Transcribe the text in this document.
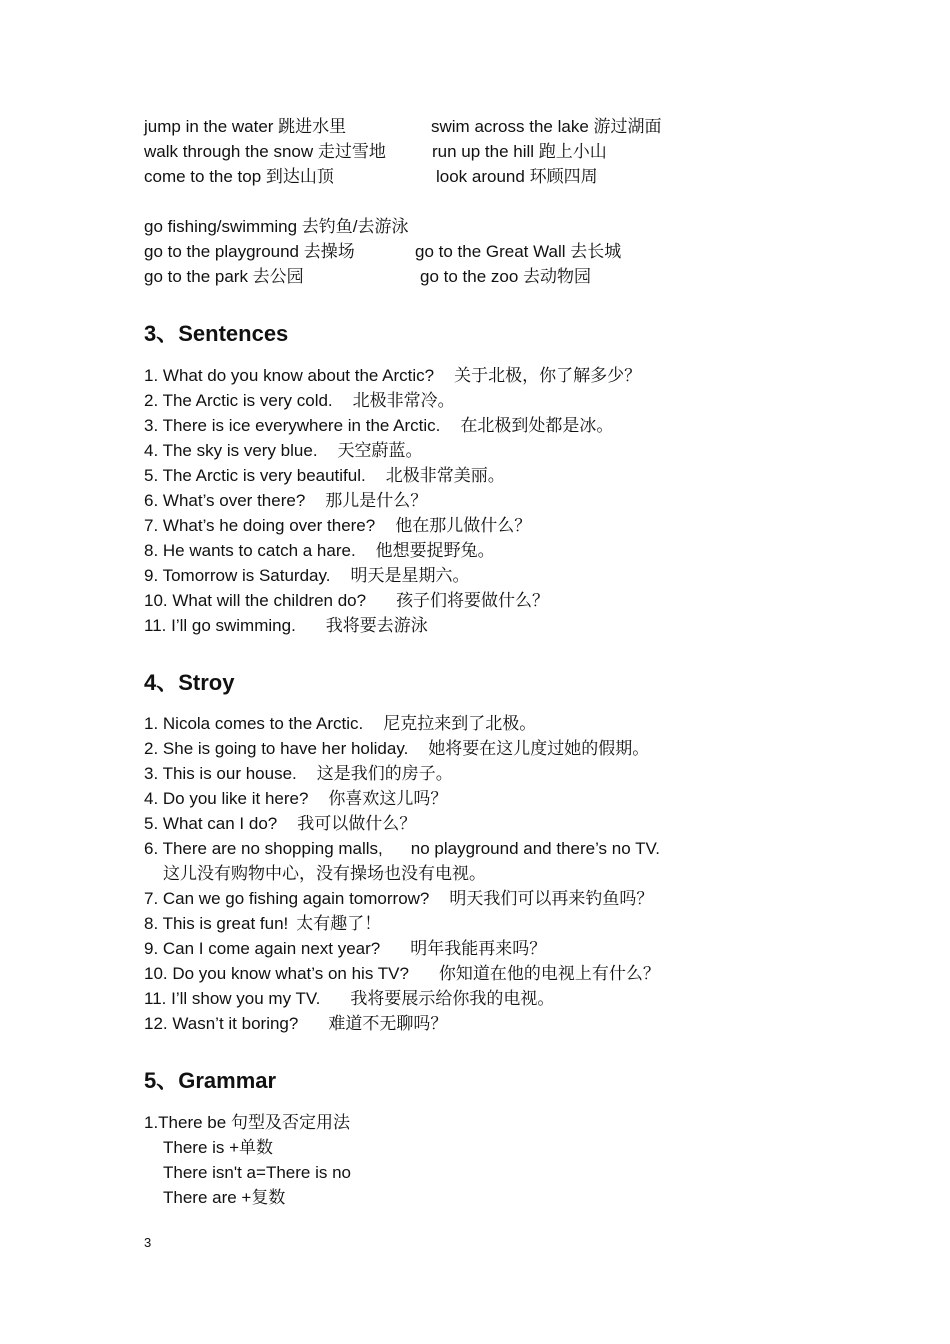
jump in the water 跳进水里	swim across the lake 游过湖面
walk through the snow 走过雪地	run up the hill 跑上小山
come to the top 到达山顶	look around 环顾四周
go fishing/swimming 去钓鱼/去游泳
go to the playground 去操场	go to the Great Wall 去长城
go to the park 去公园	go to the zoo 去动物园
3、Sentences
1. What do you know about the Arctic? 关于北极，你了解多少？
2. The Arctic is very cold. 北极非常冷。
3. There is ice everywhere in the Arctic. 在北极到处都是冰。
4. The sky is very blue. 天空蔚蓝。
5. The Arctic is very beautiful. 北极非常美丽。
6. What’s over there? 那儿是什么？
7. What’s he doing over there? 他在那儿做什么？
8. He wants to catch a hare. 他想要捉野兔。
9. Tomorrow is Saturday. 明天是星期六。
10. What will the children do? 孩子们将要做什么？
11. I’ll go swimming. 我将要去游泳
4、Stroy
1. Nicola comes to the Arctic. 尼克拉来到了北极。
2. She is going to have her holiday. 她将要在这儿度过她的假期。
3. This is our house. 这是我们的房子。
4. Do you like it here? 你喜欢这儿吗？
5. What can I do? 我可以做什么？
6. There are no shopping malls, no playground and there’s no TV.
这儿没有购物中心，没有操场也没有电视。
7. Can we go fishing again tomorrow? 明天我们可以再来钓鱼吗？
8. This is great fun! 太有趣了！
9. Can I come again next year? 明年我能再来吗？
10. Do you know what’s on his TV? 你知道在他的电视上有什么？
11. I’ll show you my TV. 我将要展示给你我的电视。
12. Wasn’t it boring? 难道不无聊吗？
5、Grammar
1.There be 句型及否定用法
There is +单数
There isn't a=There is no
There are +复数
3
